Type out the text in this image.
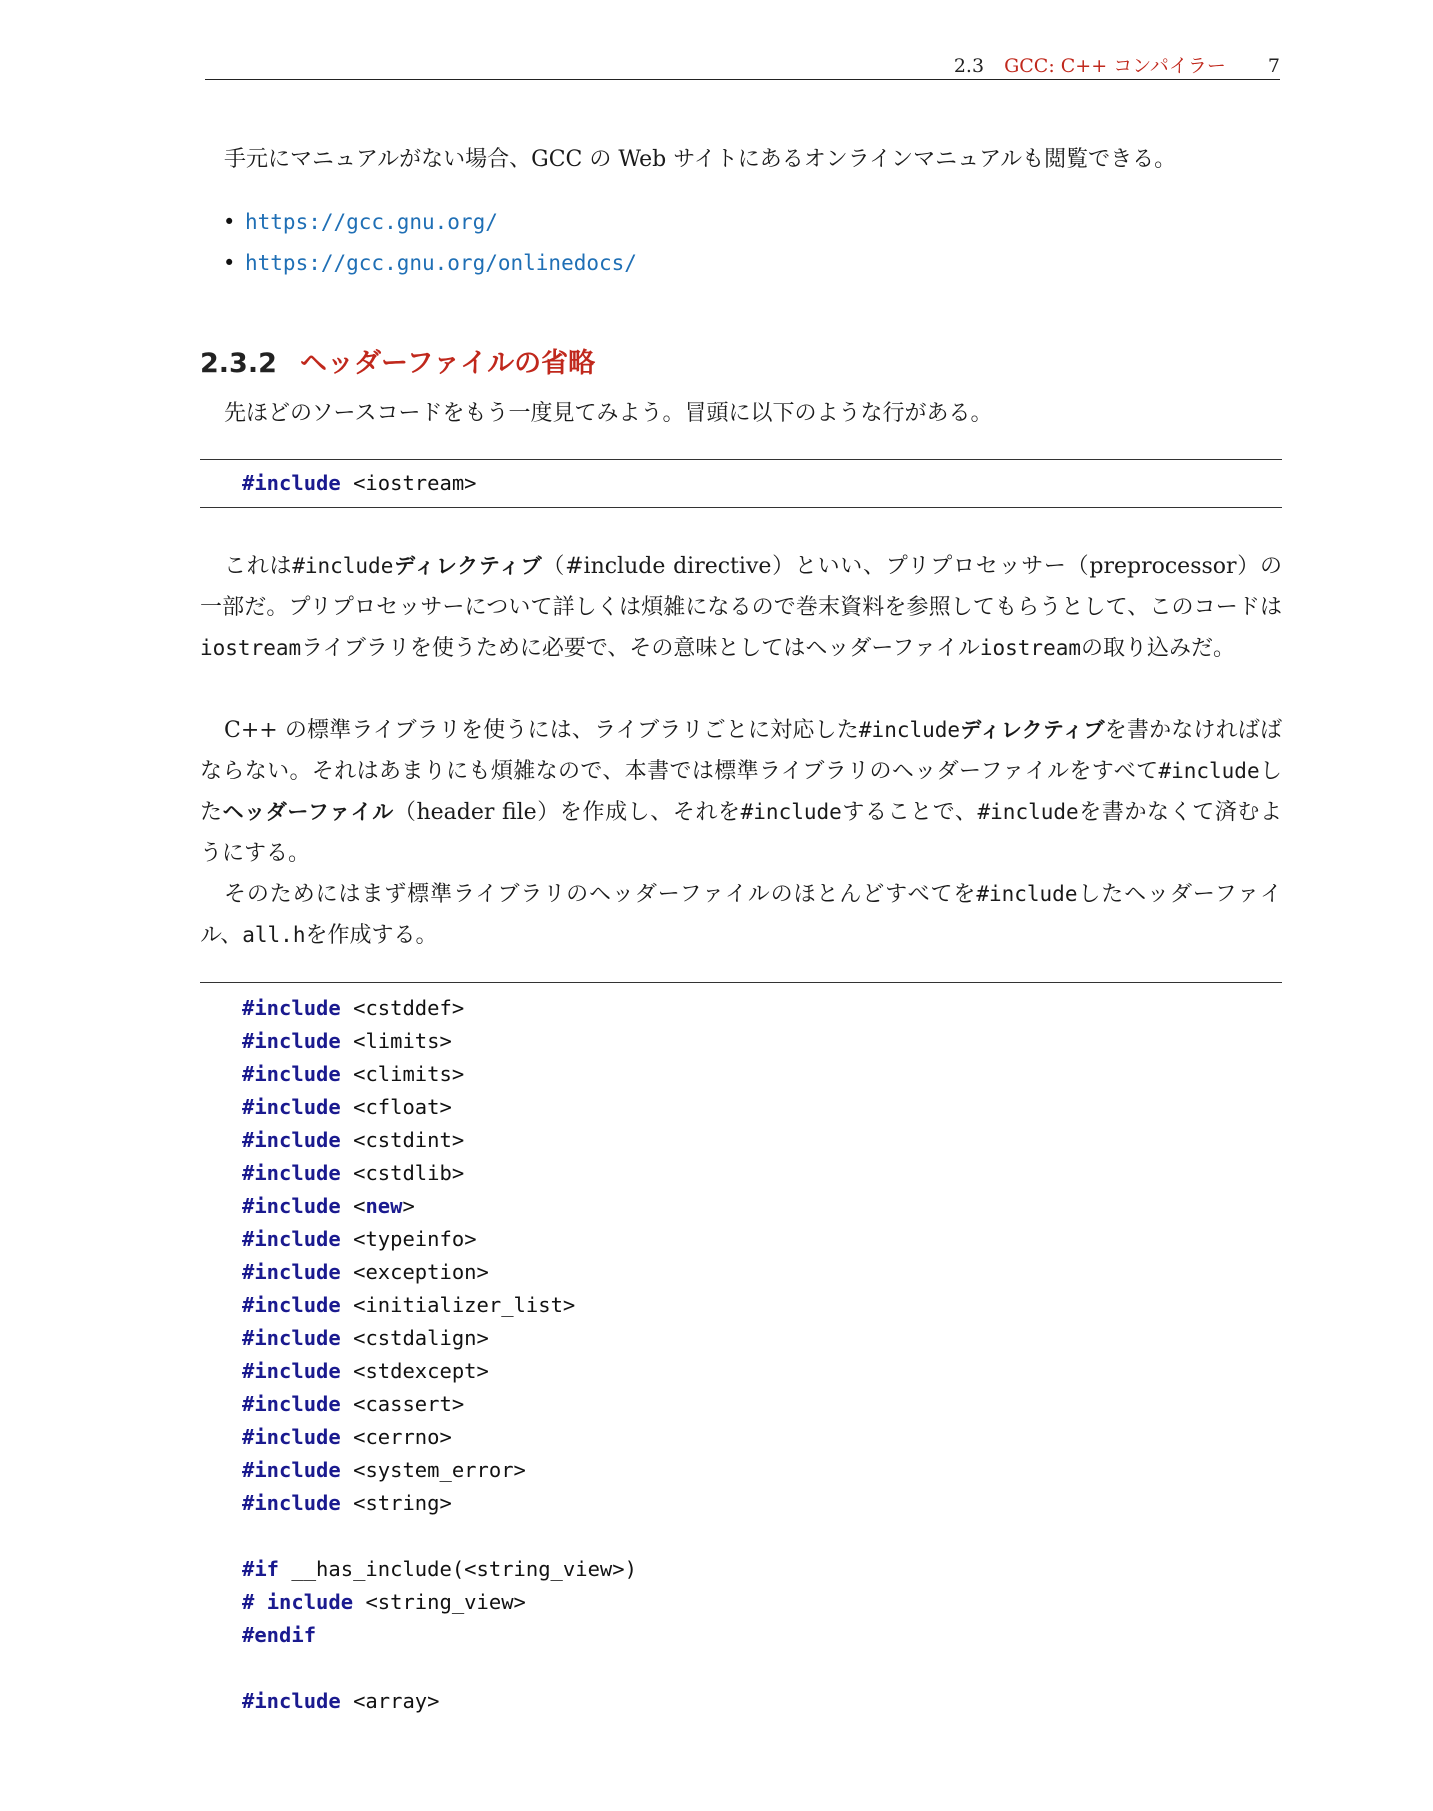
2.3 GCC: C++ コンパイラー 7

手元にマニュアルがない場合、GCC の Web サイトにあるオンラインマニュアルも閲覧できる。

• https://gcc.gnu.org/
• https://gcc.gnu.org/onlinedocs/
2.3.2 ヘッダーファイルの省略

先ほどのソースコードをもう一度見てみよう。冒頭に以下のような行がある。

#include <iostream>

これは#includeディレクティブ（#include directive）といい、プリプロセッサー（preprocessor）の一部だ。プリプロセッサーについて詳しくは煩雑になるので巻末資料を参照してもらうとして、このコードはiostreamライブラリを使うために必要で、その意味としてはヘッダーファイルiostreamの取り込みだ。

C++ の標準ライブラリを使うには、ライブラリごとに対応した#includeディレクティブを書かなければばならない。それはあまりにも煩雑なので、本書では標準ライブラリのヘッダーファイルをすべて#includeしたヘッダーファイル（header file）を作成し、それを#includeすることで、#includeを書かなくて済むようにする。

そのためにはまず標準ライブラリのヘッダーファイルのほとんどすべてを#includeしたヘッダーファイル、all.hを作成する。

#include <cstddef>
#include <limits>
#include <climits>
#include <cfloat>
#include <cstdint>
#include <cstdlib>
#include <new>
#include <typeinfo>
#include <exception>
#include <initializer_list>
#include <cstdalign>
#include <stdexcept>
#include <cassert>
#include <cerrno>
#include <system_error>
#include <string>
#if __has_include(<string_view>)
# include <string_view>
#endif
#include <array>
